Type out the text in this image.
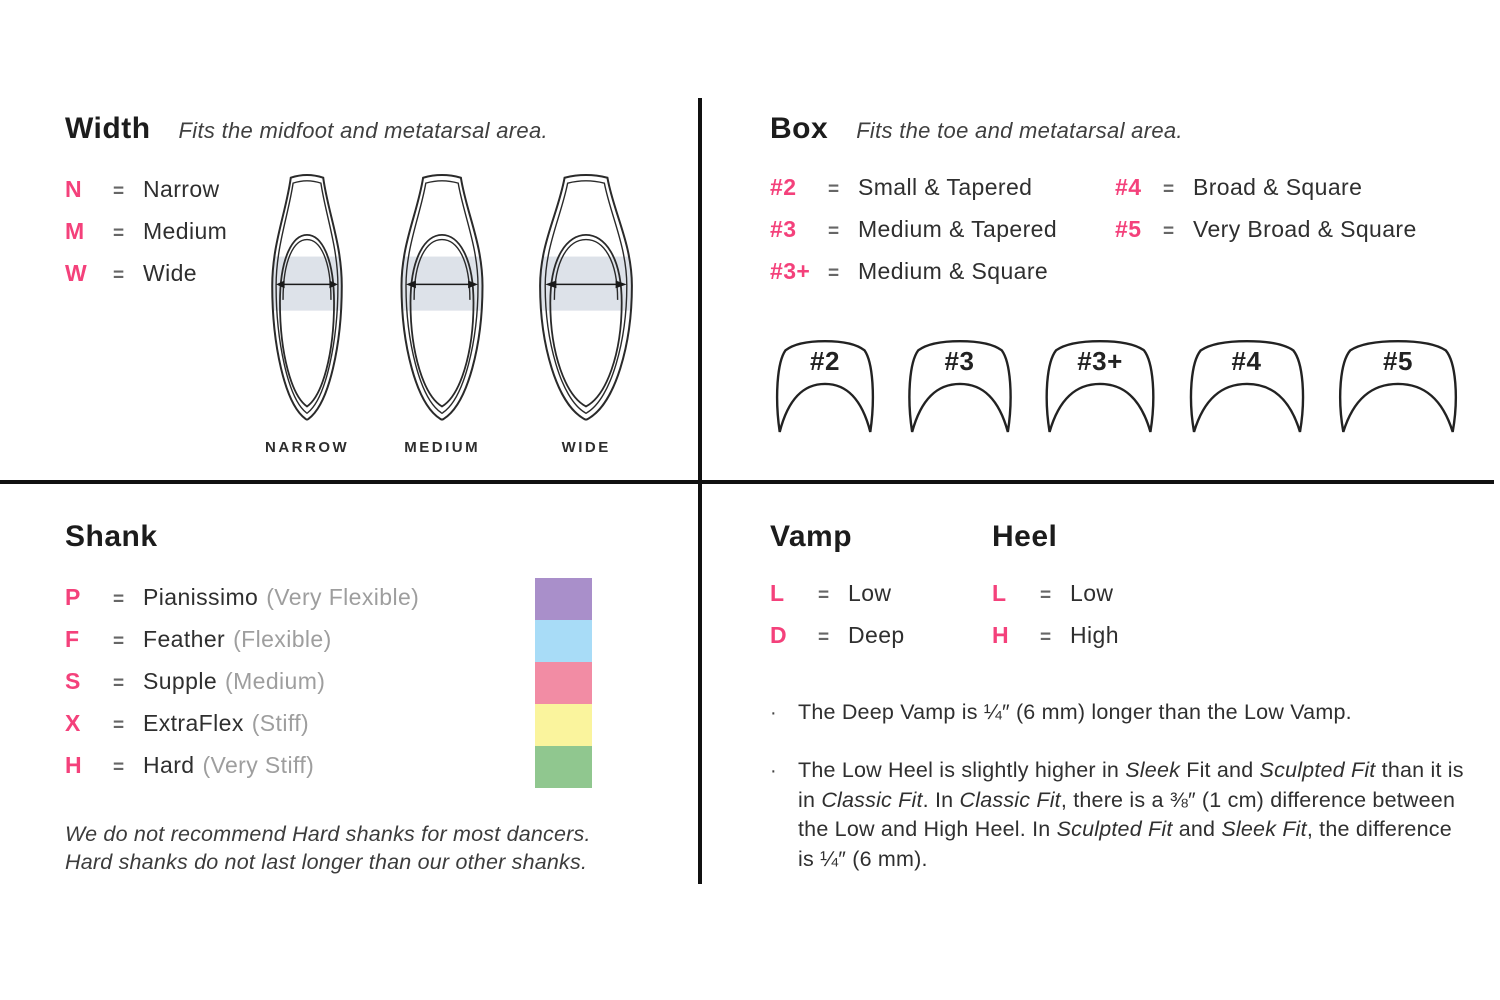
Width Fits the midfoot and metatarsal area.
N	= Narrow
M	= Medium
W	= Wide
NARROW	MEDIUM	WIDE
Box Fits the toe and metatarsal area.
#2	= Small & Tapered
#3	= Medium & Tapered
#3+ = Medium & Square
#4	= Broad & Square
#5	= Very Broad & Square
#2	#3	#3+	#4	#5
Shank
P	= Pianissimo (Very Flexible)
F	= Feather (Flexible)
S	= Supple (Medium)
X	= ExtraFlex (Stiff)
H	= Hard (Very Stiff)
We do not recommend Hard shanks for most dancers.
Hard shanks do not last longer than our other shanks.
Vamp
L	= Low
D	= Deep
Heel
L	= Low
H	= High
· The Deep Vamp is ¼″ (6 mm) longer than the Low Vamp.
· The Low Heel is slightly higher in Sleek Fit and Sculpted Fit than it is in Classic Fit. In Classic Fit, there is a ⅜″ (1 cm) difference between the Low and High Heel. In Sculpted Fit and Sleek Fit, the difference is ¼″ (6 mm).
